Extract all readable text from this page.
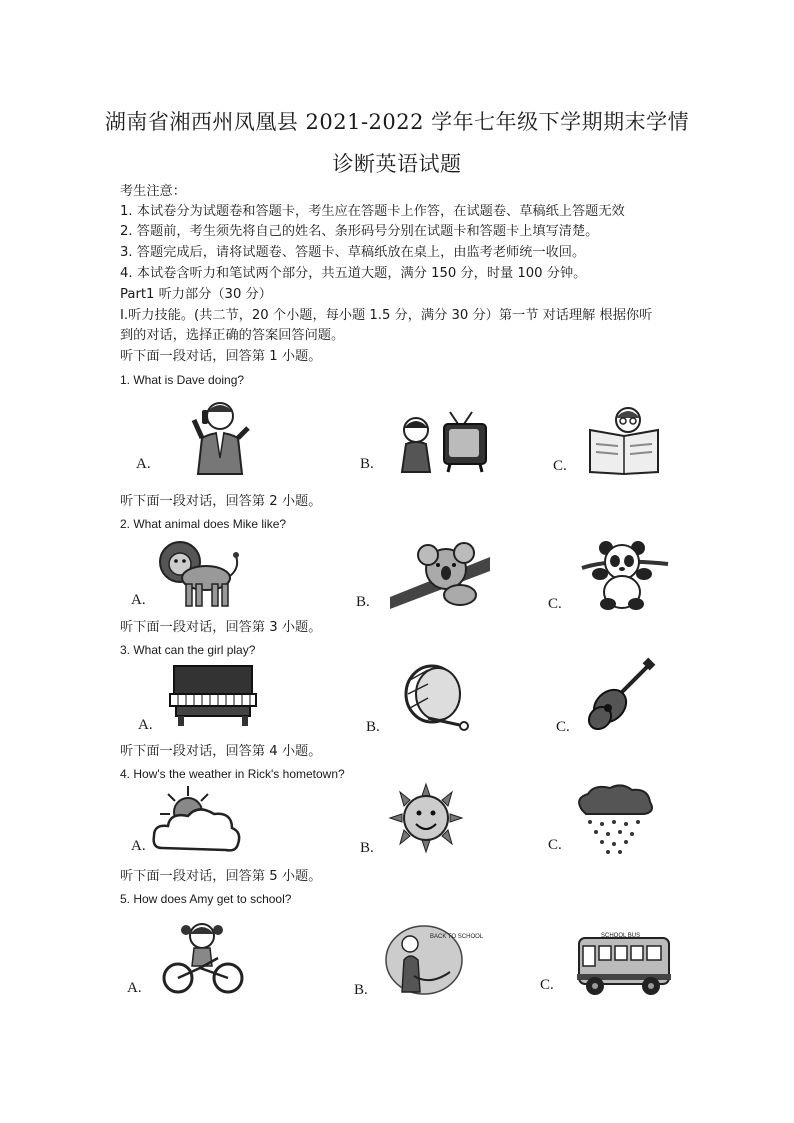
湖南省湘西州凤凰县 2021-2022 学年七年级下学期期末学情
诊断英语试题
考生注意：
1. 本试卷分为试题卷和答题卡，考生应在答题卡上作答，在试题卷、草稿纸上答题无效
2. 答题前，考生须先将自己的姓名、条形码号分别在试题卡和答题卡上填写清楚。
3. 答题完成后，请将试题卷、答题卡、草稿纸放在桌上，由监考老师统一收回。
4. 本试卷含听力和笔试两个部分，共五道大题，满分 150 分，时量 100 分钟。
Part1 听力部分（30 分）
I.听力技能。(共二节，20 个小题，每小题 1.5 分，满分 30 分）第一节 对话理解 根据你听
到的对话，选择正确的答案回答问题。
听下面一段对话，回答第 1 小题。
1. What is Dave doing?
A.	B.	C.
听下面一段对话，回答第 2 小题。
2. What animal does Mike like?
A.	B.	C.
听下面一段对话，回答第 3 小题。
3. What can the girl play?
A.	B.	C.
听下面一段对话，回答第 4 小题。
4. How's the weather in Rick's hometown?
A.	B.	C.
听下面一段对话，回答第 5 小题。
5. How does Amy get to school?
A.	B.
BACK TO SCHOOL
C.
SCHOOL BUS
